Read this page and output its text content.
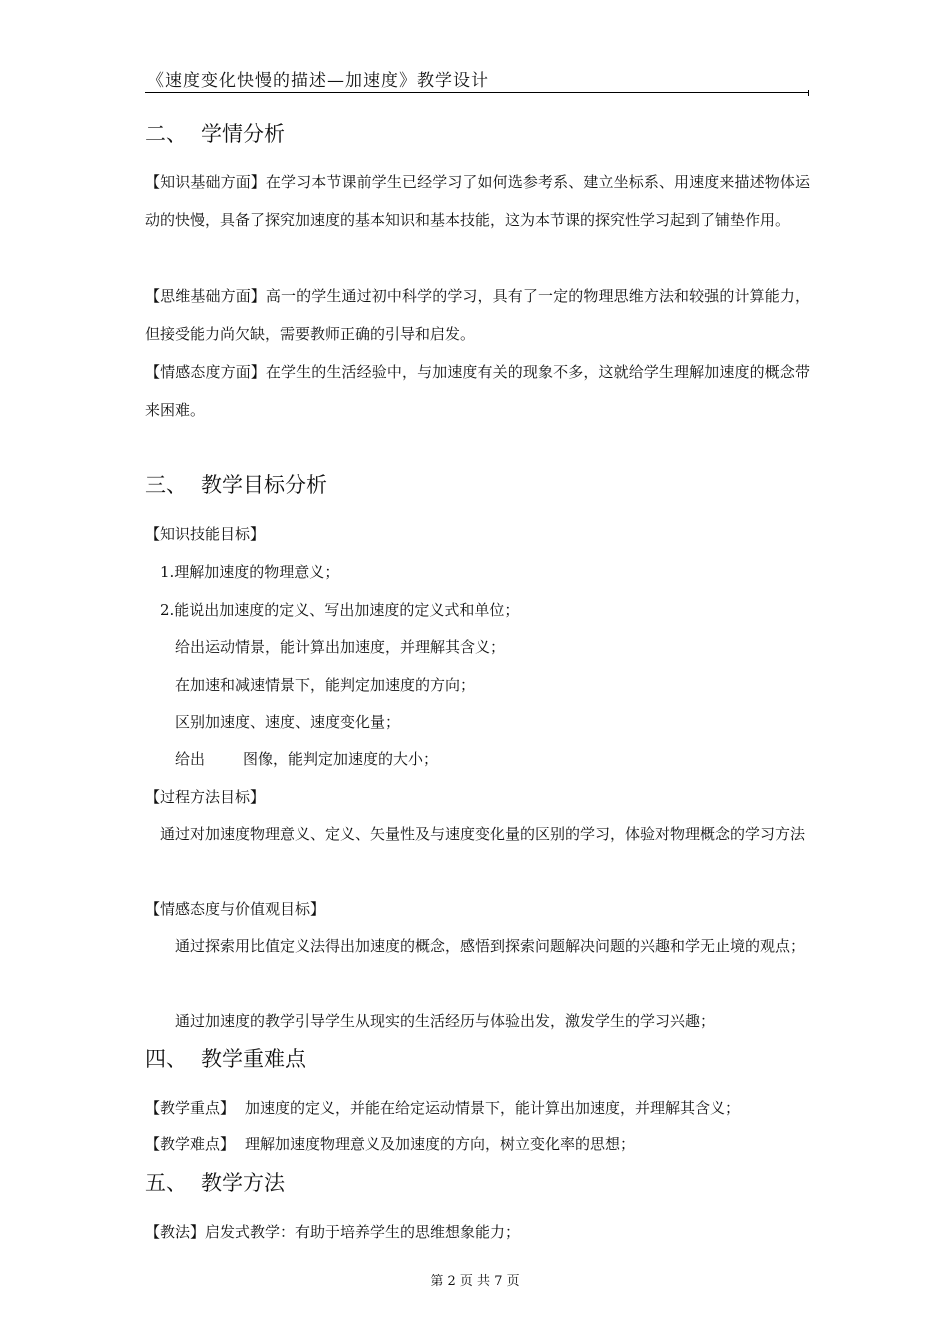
《速度变化快慢的描述—加速度》教学设计
二、 学情分析
【知识基础方面】在学习本节课前学生已经学习了如何选参考系、建立坐标系、用速度来描述物体运动的快慢，具备了探究加速度的基本知识和基本技能，这为本节课的探究性学习起到了铺垫作用。
【思维基础方面】高一的学生通过初中科学的学习，具有了一定的物理思维方法和较强的计算能力，但接受能力尚欠缺，需要教师正确的引导和启发。
【情感态度方面】在学生的生活经验中，与加速度有关的现象不多，这就给学生理解加速度的概念带来困难。
三、 教学目标分析
【知识技能目标】
1.理解加速度的物理意义；
2.能说出加速度的定义、写出加速度的定义式和单位；
给出运动情景，能计算出加速度，并理解其含义；
在加速和减速情景下，能判定加速度的方向；
区别加速度、速度、速度变化量；
给出	图像，能判定加速度的大小；
【过程方法目标】
通过对加速度物理意义、定义、矢量性及与速度变化量的区别的学习，体验对物理概念的学习方法
【情感态度与价值观目标】
通过探索用比值定义法得出加速度的概念，感悟到探索问题解决问题的兴趣和学无止境的观点；
通过加速度的教学引导学生从现实的生活经历与体验出发，激发学生的学习兴趣；
四、 教学重难点
【教学重点】 加速度的定义，并能在给定运动情景下，能计算出加速度，并理解其含义；
【教学难点】 理解加速度物理意义及加速度的方向，树立变化率的思想；
五、 教学方法
【教法】启发式教学：有助于培养学生的思维想象能力；
第 2 页 共 7 页
